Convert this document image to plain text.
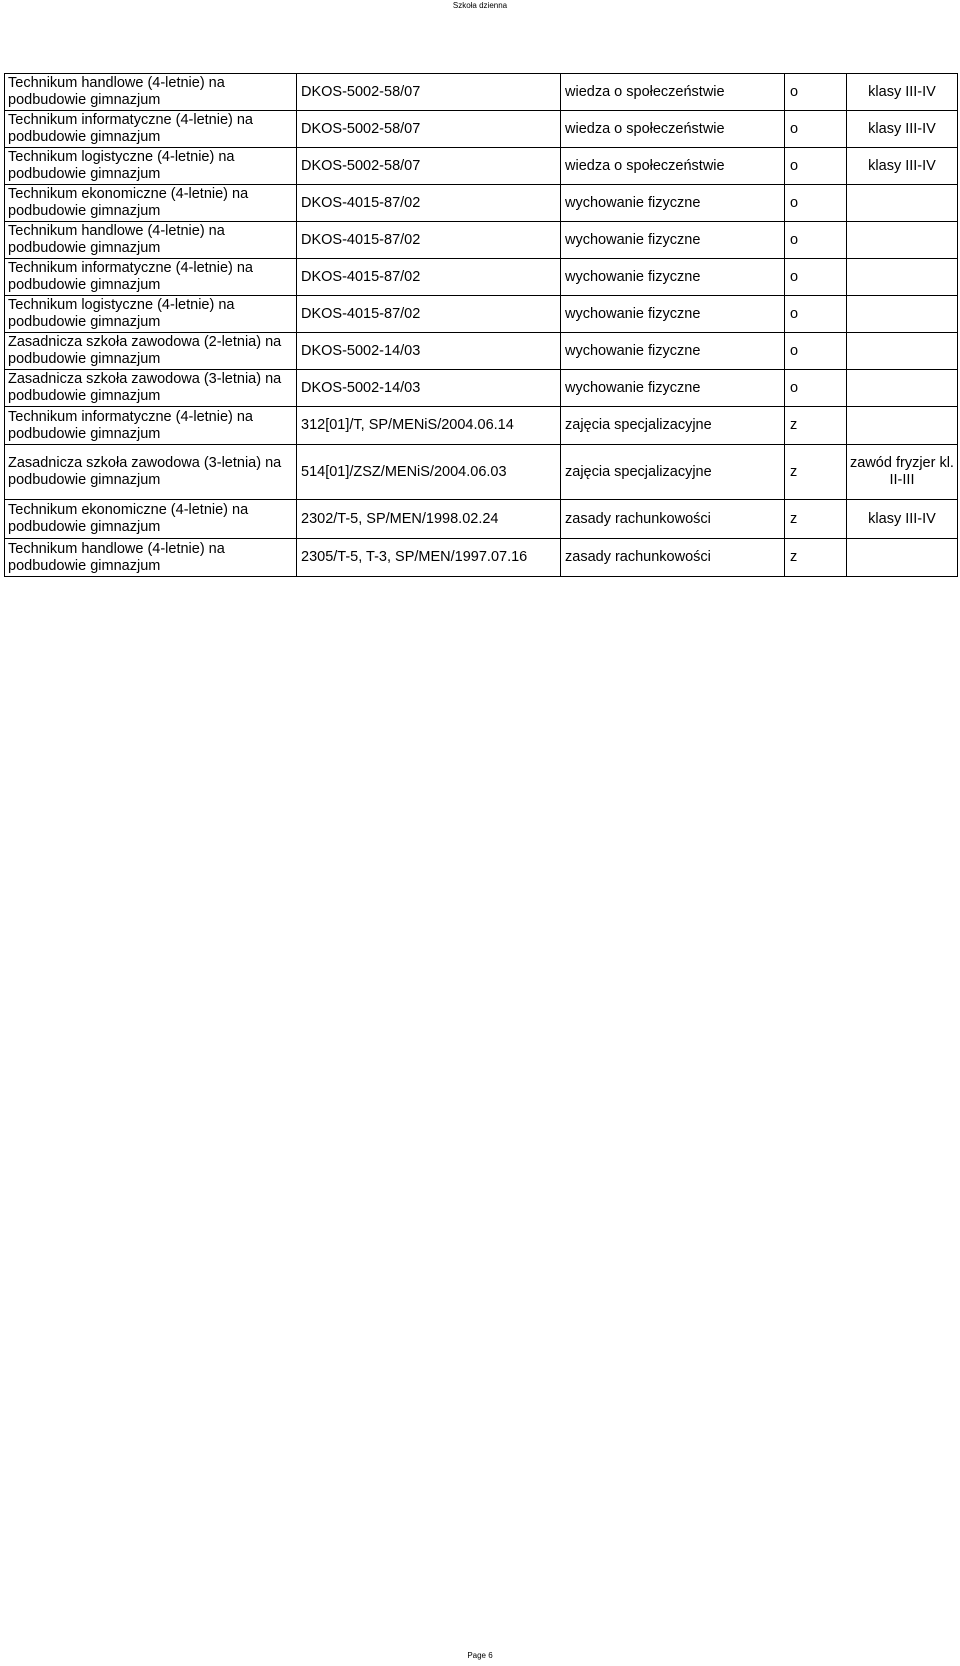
Szkoła dzienna
Technikum handlowe (4-letnie) na podbudowie gimnazjum	DKOS-5002-58/07	wiedza o społeczeństwie	o	klasy III-IV
Technikum informatyczne (4-letnie) na podbudowie gimnazjum	DKOS-5002-58/07	wiedza o społeczeństwie	o	klasy III-IV
Technikum logistyczne (4-letnie) na podbudowie gimnazjum	DKOS-5002-58/07	wiedza o społeczeństwie	o	klasy III-IV
Technikum ekonomiczne (4-letnie) na podbudowie gimnazjum	DKOS-4015-87/02	wychowanie fizyczne	o	
Technikum handlowe (4-letnie) na podbudowie gimnazjum	DKOS-4015-87/02	wychowanie fizyczne	o	
Technikum informatyczne (4-letnie) na podbudowie gimnazjum	DKOS-4015-87/02	wychowanie fizyczne	o	
Technikum logistyczne (4-letnie) na podbudowie gimnazjum	DKOS-4015-87/02	wychowanie fizyczne	o	
Zasadnicza szkoła zawodowa (2-letnia) na podbudowie gimnazjum	DKOS-5002-14/03	wychowanie fizyczne	o	
Zasadnicza szkoła zawodowa (3-letnia) na podbudowie gimnazjum	DKOS-5002-14/03	wychowanie fizyczne	o	
Technikum informatyczne (4-letnie) na podbudowie gimnazjum	312[01]/T, SP/MENiS/2004.06.14	zajęcia specjalizacyjne	z	
Zasadnicza szkoła zawodowa (3-letnia) na podbudowie gimnazjum	514[01]/ZSZ/MENiS/2004.06.03	zajęcia specjalizacyjne	z	zawód fryzjer kl. II-III
Technikum ekonomiczne (4-letnie) na podbudowie gimnazjum	2302/T-5, SP/MEN/1998.02.24	zasady rachunkowości	z	klasy III-IV
Technikum handlowe (4-letnie) na podbudowie gimnazjum	2305/T-5, T-3, SP/MEN/1997.07.16	zasady rachunkowości	z	
Page 6
